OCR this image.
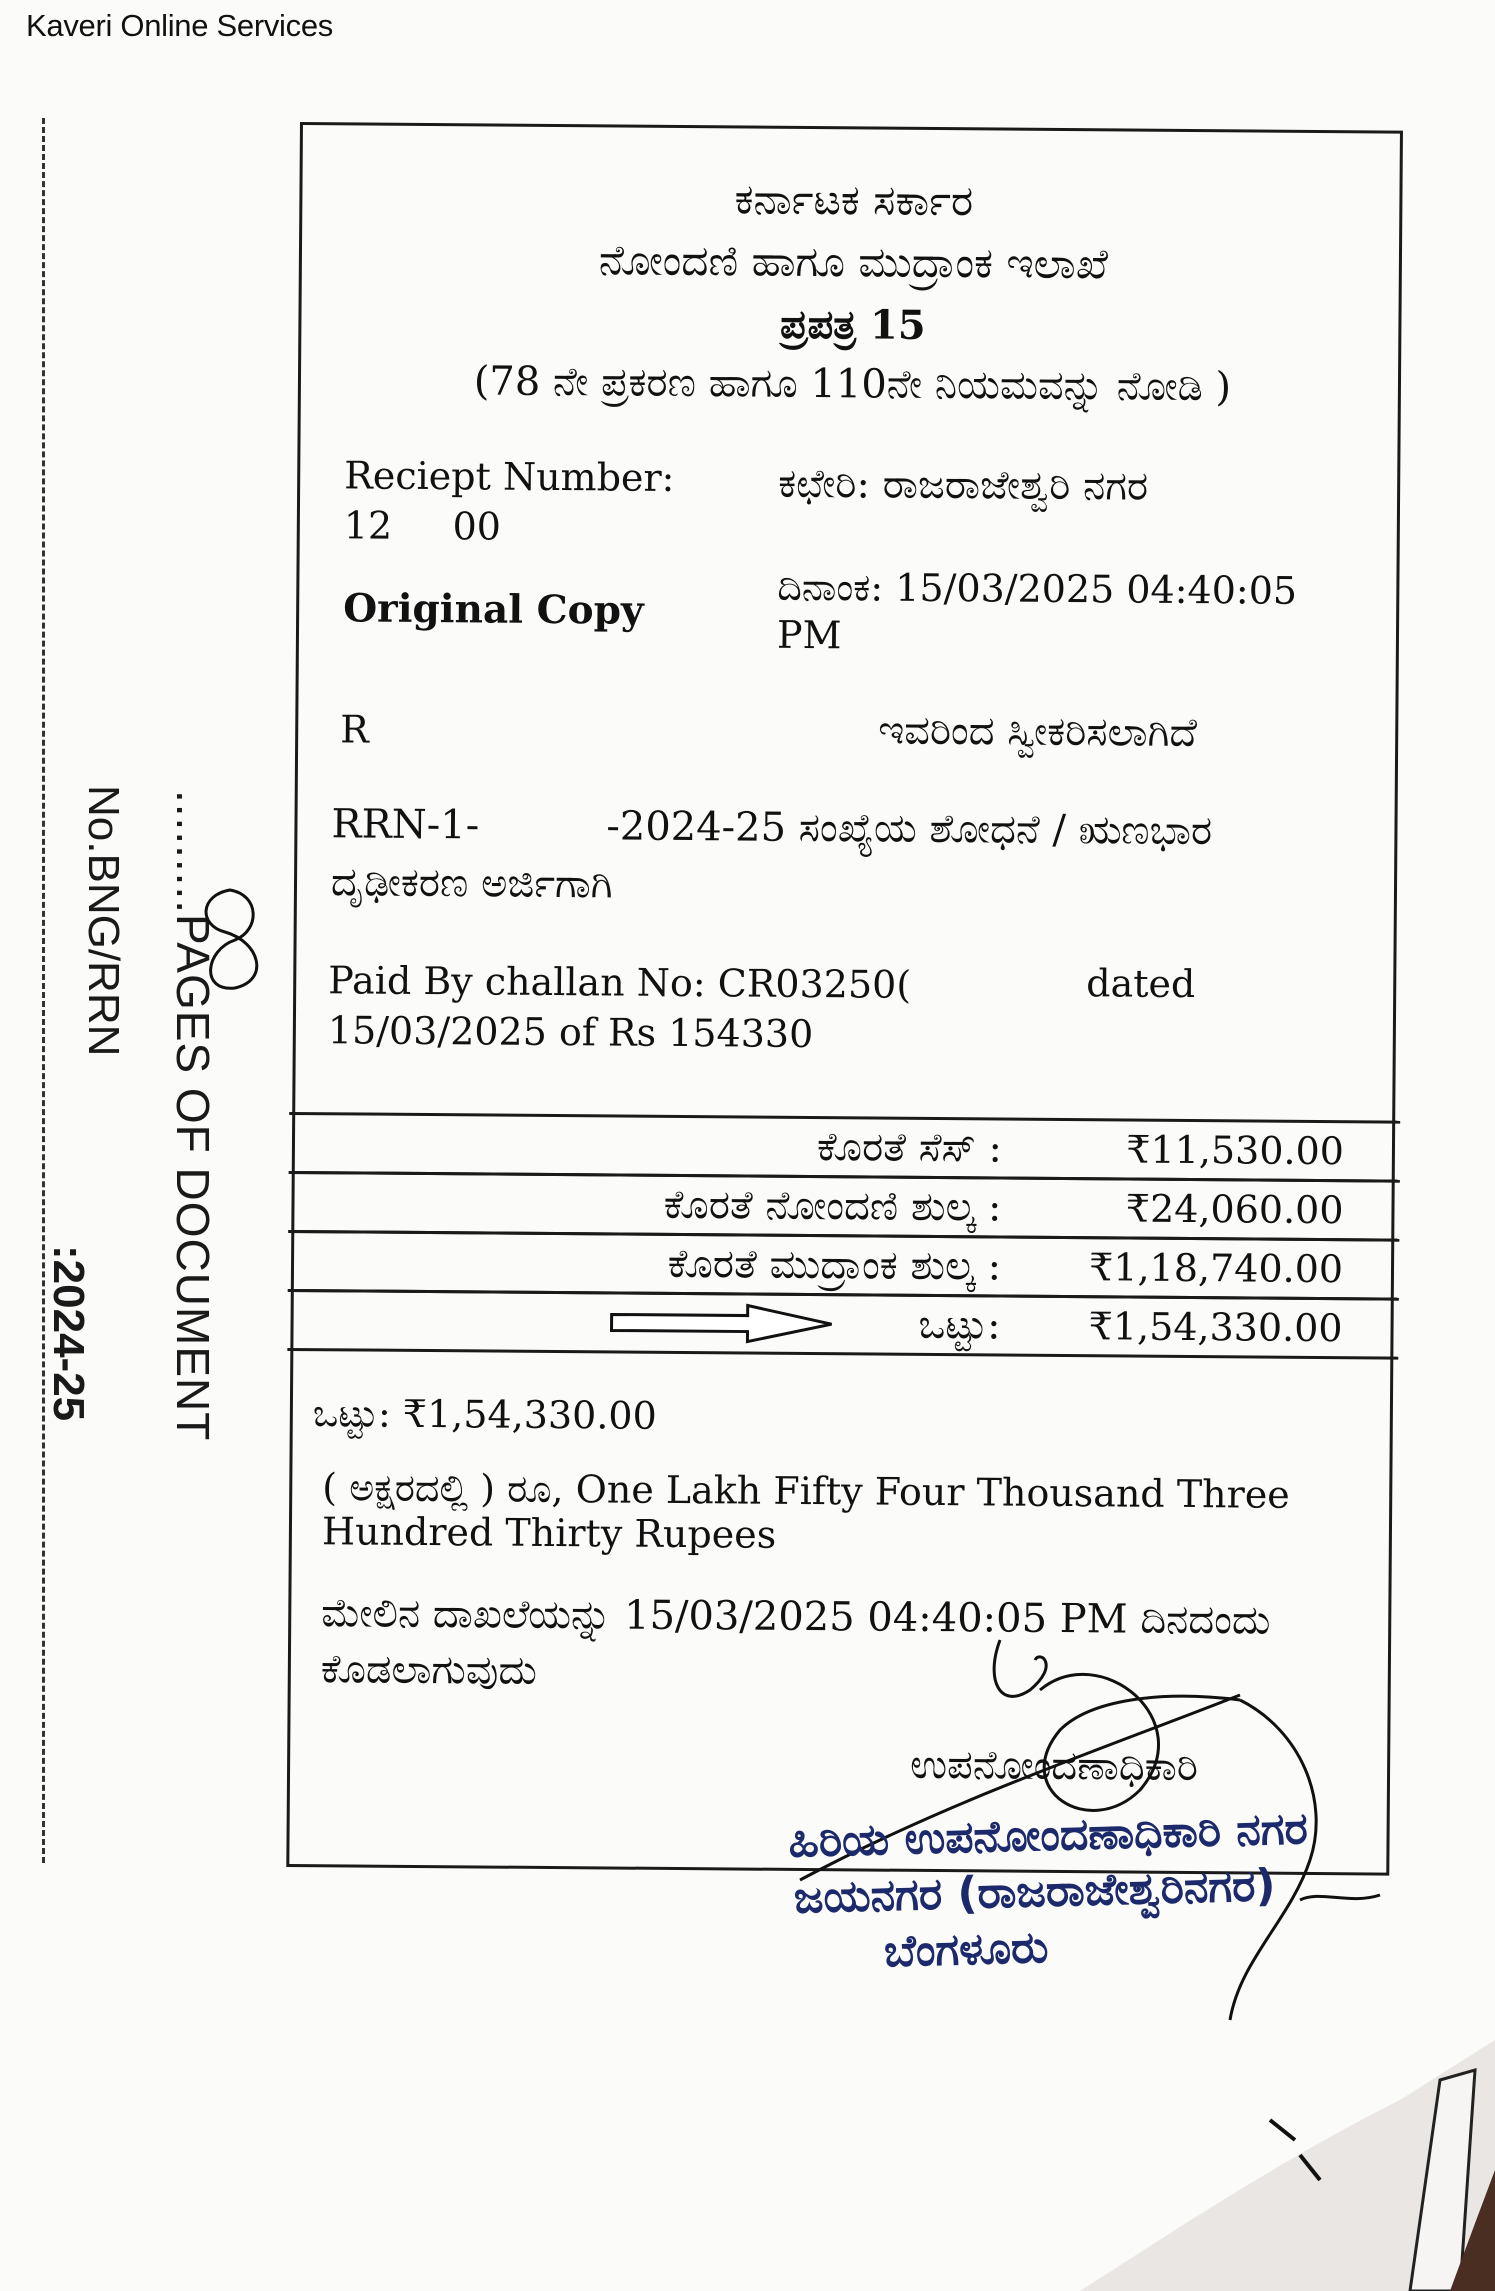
Kaveri Online Services
No.BNG/RRN
:2024-25 .........PAGES OF DOCUMENT
ಕರ್ನಾಟಕ ಸರ್ಕಾರ
ನೋಂದಣಿ ಹಾಗೂ ಮುದ್ರಾಂಕ ಇಲಾಖೆ
ಪ್ರಪತ್ರ 15
(78 ನೇ ಪ್ರಕರಣ ಹಾಗೂ 110ನೇ ನಿಯಮವನ್ನು ನೋಡಿ )
Reciept Number:
12     00
ಕಛೇರಿ: ರಾಜರಾಜೇಶ್ವರಿ ನಗರ
ದಿನಾಂಕ: 15/03/2025 04:40:05 PM
Original Copy
R	ಇವರಿಂದ ಸ್ವೀಕರಿಸಲಾಗಿದೆ
RRN-1-          -2024-25 ಸಂಖ್ಯೆಯ ಶೋಧನೆ / ಋಣಭಾರ ದೃಢೀಕರಣ ಅರ್ಜಿಗಾಗಿ
Paid By challan No: CR03250(
15/03/2025 of Rs 154330
dated
ಕೊರತೆ ಸೆಸ್ :	₹11,530.00
ಕೊರತೆ ನೋಂದಣಿ ಶುಲ್ಕ :	₹24,060.00
ಕೊರತೆ ಮುದ್ರಾಂಕ ಶುಲ್ಕ : ₹1,18,740.00
ಒಟ್ಟು: ₹1,54,330.00
ಒಟ್ಟು: ₹1,54,330.00
( ಅಕ್ಷರದಲ್ಲಿ ) ರೂ, One Lakh Fifty Four Thousand Three Hundred Thirty Rupees
ಮೇಲಿನ ದಾಖಲೆಯನ್ನು 15/03/2025 04:40:05 PM ದಿನದಂದು ಕೊಡಲಾಗುವುದು
ಉಪನೋಂದಣಾಧಿಕಾರಿ
ಹಿರಿಯ ಉಪನೋಂದಣಾಧಿಕಾರಿ ನಗರ
ಜಯನಗರ (ರಾಜರಾಜೇಶ್ವರಿನಗರ)
ಬೆಂಗಳೂರು
